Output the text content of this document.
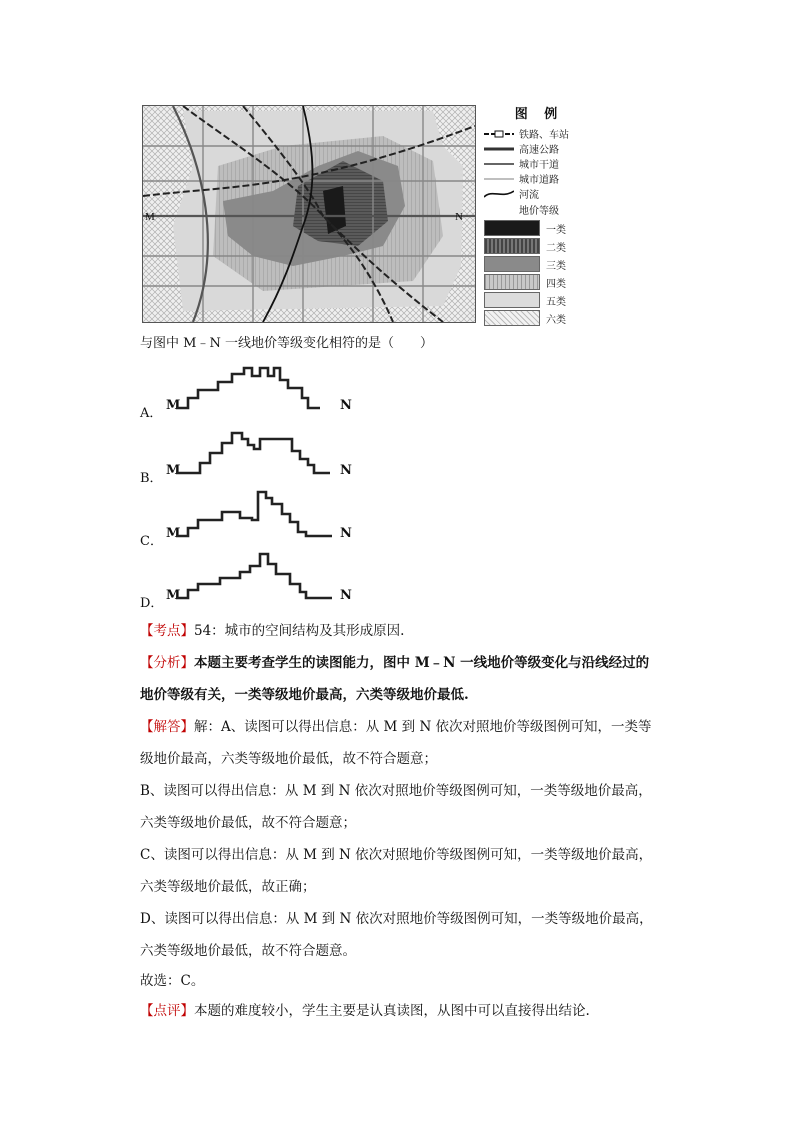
M	N
图 例
铁路、车站
高速公路
城市干道
城市道路
河流
地价等级
一类
二类
三类
四类
五类
六类
与图中 M﹣N 一线地价等级变化相符的是（　　）
A．
M	N
B．
M	N
C．
M	N
D．
M	N
【考点】54：城市的空间结构及其形成原因.
【分析】本题主要考查学生的读图能力，图中 M﹣N 一线地价等级变化与沿线经过的
地价等级有关，一类等级地价最高，六类等级地价最低.
【解答】解：A、读图可以得出信息：从 M 到 N 依次对照地价等级图例可知，一类等
级地价最高，六类等级地价最低，故不符合题意；
B、读图可以得出信息：从 M 到 N 依次对照地价等级图例可知，一类等级地价最高，
六类等级地价最低，故不符合题意；
C、读图可以得出信息：从 M 到 N 依次对照地价等级图例可知，一类等级地价最高，
六类等级地价最低，故正确；
D、读图可以得出信息：从 M 到 N 依次对照地价等级图例可知，一类等级地价最高，
六类等级地价最低，故不符合题意。
故选：C。
【点评】本题的难度较小，学生主要是认真读图，从图中可以直接得出结论.
